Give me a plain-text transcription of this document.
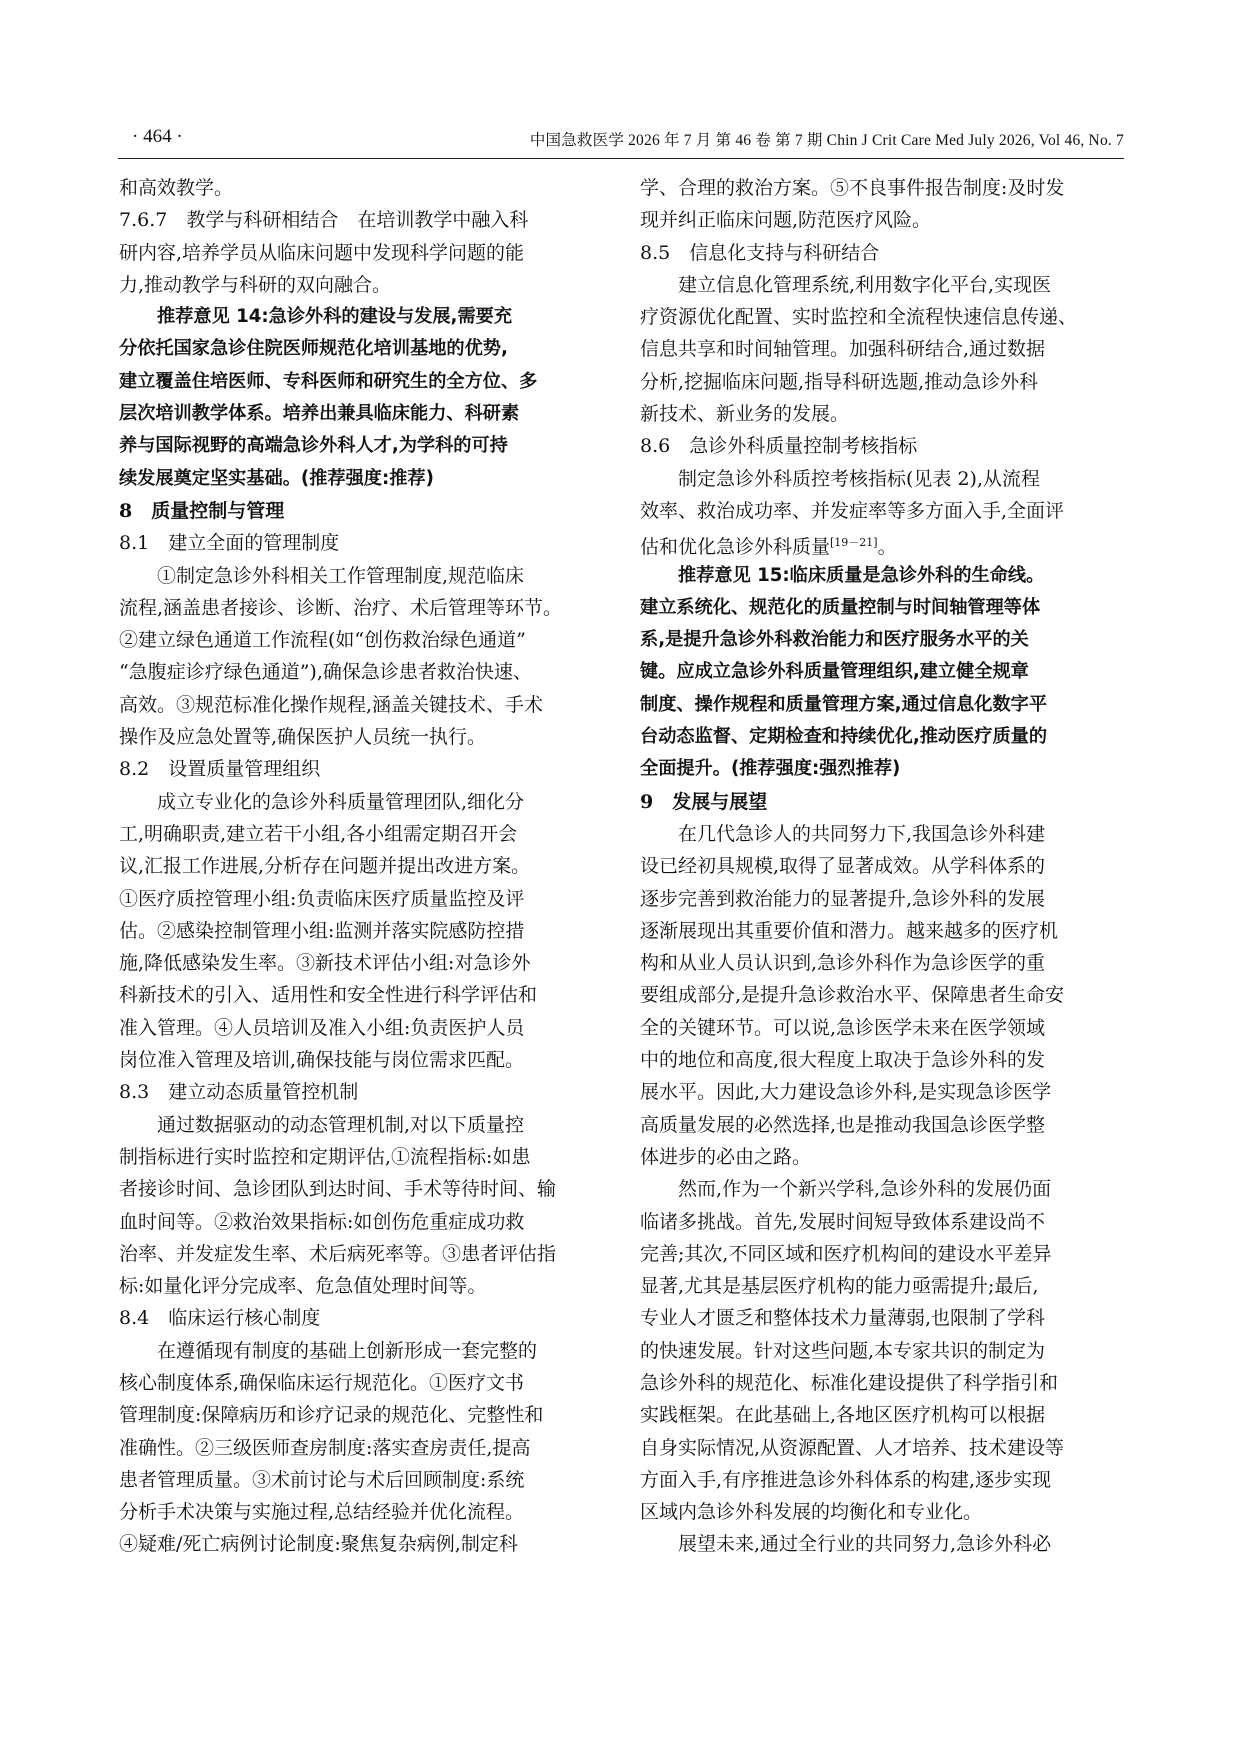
· 464 ·	中国急救医学 2026 年 7 月 第 46 卷 第 7 期 Chin J Crit Care Med July 2026, Vol 46, No. 7
和高效教学。
7.6.7　教学与科研相结合　在培训教学中融入科
研内容,培养学员从临床问题中发现科学问题的能
力,推动教学与科研的双向融合。
推荐意见 14:急诊外科的建设与发展,需要充
分依托国家急诊住院医师规范化培训基地的优势,
建立覆盖住培医师、专科医师和研究生的全方位、多
层次培训教学体系。培养出兼具临床能力、科研素
养与国际视野的高端急诊外科人才,为学科的可持
续发展奠定坚实基础。(推荐强度:推荐)
8　质量控制与管理
8.1　建立全面的管理制度
①制定急诊外科相关工作管理制度,规范临床
流程,涵盖患者接诊、诊断、治疗、术后管理等环节。
②建立绿色通道工作流程(如“创伤救治绿色通道”
“急腹症诊疗绿色通道”),确保急诊患者救治快速、
高效。③规范标准化操作规程,涵盖关键技术、手术
操作及应急处置等,确保医护人员统一执行。
8.2　设置质量管理组织
成立专业化的急诊外科质量管理团队,细化分
工,明确职责,建立若干小组,各小组需定期召开会
议,汇报工作进展,分析存在问题并提出改进方案。
①医疗质控管理小组:负责临床医疗质量监控及评
估。②感染控制管理小组:监测并落实院感防控措
施,降低感染发生率。③新技术评估小组:对急诊外
科新技术的引入、适用性和安全性进行科学评估和
准入管理。④人员培训及准入小组:负责医护人员
岗位准入管理及培训,确保技能与岗位需求匹配。
8.3　建立动态质量管控机制
通过数据驱动的动态管理机制,对以下质量控
制指标进行实时监控和定期评估,①流程指标:如患
者接诊时间、急诊团队到达时间、手术等待时间、输
血时间等。②救治效果指标:如创伤危重症成功救
治率、并发症发生率、术后病死率等。③患者评估指
标:如量化评分完成率、危急值处理时间等。
8.4　临床运行核心制度
在遵循现有制度的基础上创新形成一套完整的
核心制度体系,确保临床运行规范化。①医疗文书
管理制度:保障病历和诊疗记录的规范化、完整性和
准确性。②三级医师查房制度:落实查房责任,提高
患者管理质量。③术前讨论与术后回顾制度:系统
分析手术决策与实施过程,总结经验并优化流程。
④疑难/死亡病例讨论制度:聚焦复杂病例,制定科
学、合理的救治方案。⑤不良事件报告制度:及时发
现并纠正临床问题,防范医疗风险。
8.5　信息化支持与科研结合
建立信息化管理系统,利用数字化平台,实现医
疗资源优化配置、实时监控和全流程快速信息传递、
信息共享和时间轴管理。加强科研结合,通过数据
分析,挖掘临床问题,指导科研选题,推动急诊外科
新技术、新业务的发展。
8.6　急诊外科质量控制考核指标
制定急诊外科质控考核指标(见表 2),从流程
效率、救治成功率、并发症率等多方面入手,全面评
估和优化急诊外科质量[19－21]。
推荐意见 15:临床质量是急诊外科的生命线。
建立系统化、规范化的质量控制与时间轴管理等体
系,是提升急诊外科救治能力和医疗服务水平的关
键。应成立急诊外科质量管理组织,建立健全规章
制度、操作规程和质量管理方案,通过信息化数字平
台动态监督、定期检查和持续优化,推动医疗质量的
全面提升。(推荐强度:强烈推荐)
9　发展与展望
在几代急诊人的共同努力下,我国急诊外科建
设已经初具规模,取得了显著成效。从学科体系的
逐步完善到救治能力的显著提升,急诊外科的发展
逐渐展现出其重要价值和潜力。越来越多的医疗机
构和从业人员认识到,急诊外科作为急诊医学的重
要组成部分,是提升急诊救治水平、保障患者生命安
全的关键环节。可以说,急诊医学未来在医学领域
中的地位和高度,很大程度上取决于急诊外科的发
展水平。因此,大力建设急诊外科,是实现急诊医学
高质量发展的必然选择,也是推动我国急诊医学整
体进步的必由之路。
然而,作为一个新兴学科,急诊外科的发展仍面
临诸多挑战。首先,发展时间短导致体系建设尚不
完善;其次,不同区域和医疗机构间的建设水平差异
显著,尤其是基层医疗机构的能力亟需提升;最后,
专业人才匮乏和整体技术力量薄弱,也限制了学科
的快速发展。针对这些问题,本专家共识的制定为
急诊外科的规范化、标准化建设提供了科学指引和
实践框架。在此基础上,各地区医疗机构可以根据
自身实际情况,从资源配置、人才培养、技术建设等
方面入手,有序推进急诊外科体系的构建,逐步实现
区域内急诊外科发展的均衡化和专业化。
展望未来,通过全行业的共同努力,急诊外科必
